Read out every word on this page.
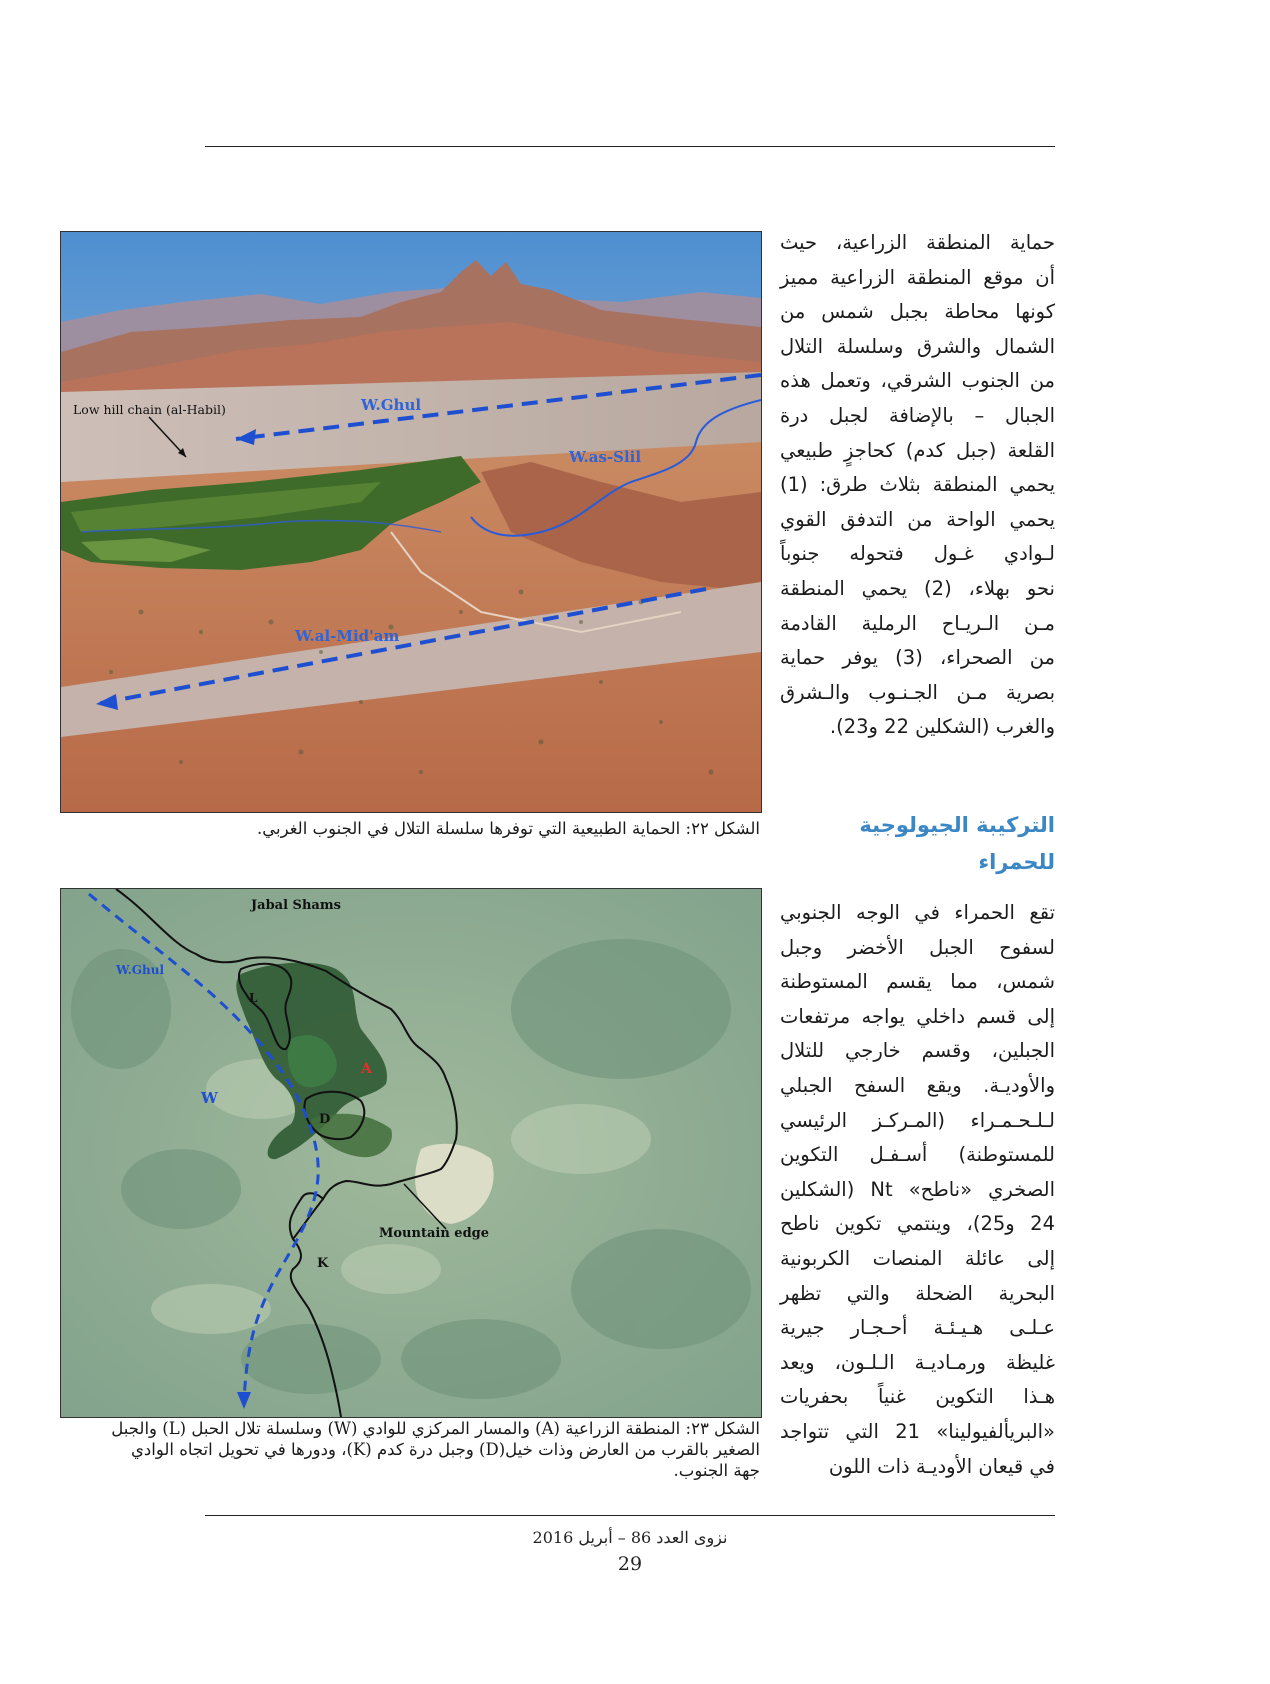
حماية المنطقة الزراعية، حيث
أن موقع المنطقة الزراعية مميز
كونها محاطة بجبل شمس من
الشمال والشرق وسلسلة التلال
من الجنوب الشرقي، وتعمل هذه
الجبال – بالإضافة لجبل درة
القلعة (جبل كدم) كحاجزٍ طبيعي
يحمي المنطقة بثلاث طرق: (1)
يحمي الواحة من التدفق القوي
لـوادي غـول فتحوله جنوباً
نحو بهلاء، (2) يحمي المنطقة
مـن الـريـاح الرملية القادمة
من الصحراء، (3) يوفر حماية
بصرية مـن الجـنـوب والـشرق
والغرب (الشكلين 22 و23).
التركيبة الجيولوجية
للحمراء
تقع الحمراء في الوجه الجنوبي
لسفوح الجبل الأخضر وجبل
شمس، مما يقسم المستوطنة
إلى قسم داخلي يواجه مرتفعات
الجبلين، وقسم خارجي للتلال
والأوديـة. ويقع السفح الجبلي
لـلـحـمـراء (المـركـز الرئيسي
للمستوطنة) أسـفـل التكوين
الصخري «ناطح» Nt (الشكلين
24 و25)، وينتمي تكوين ناطح
إلى عائلة المنصات الكربونية
البحرية الضحلة والتي تظهر
عـلـى هـيـئـة أحـجـار جيرية
غليظة ورمـاديـة الـلـون، ويعد
هـذا التكوين غنياً بحفريات
«البريألفيولينا» 21 التي تتواجد
في قيعان الأوديـة ذات اللون
W.Ghul
W.as-Slil
W.al-Mid'am
Low hill chain (al-Habil)
الشكل ٢٢: الحماية الطبيعية التي توفرها سلسلة التلال في الجنوب الغربي.
Jabal Shams
W.Ghul
W
L
A
D
K
Mountain edge
الشكل ٢٣: المنطقة الزراعية (A) والمسار المركزي للوادي (W) وسلسلة تلال الحبل (L) والجبل
الصغير بالقرب من العارض وذات خيل(D) وجبل درة كدم (K)، ودورها في تحويل اتجاه الوادي
جهة الجنوب.
نزوى العدد 86 – أبريل 2016
29
